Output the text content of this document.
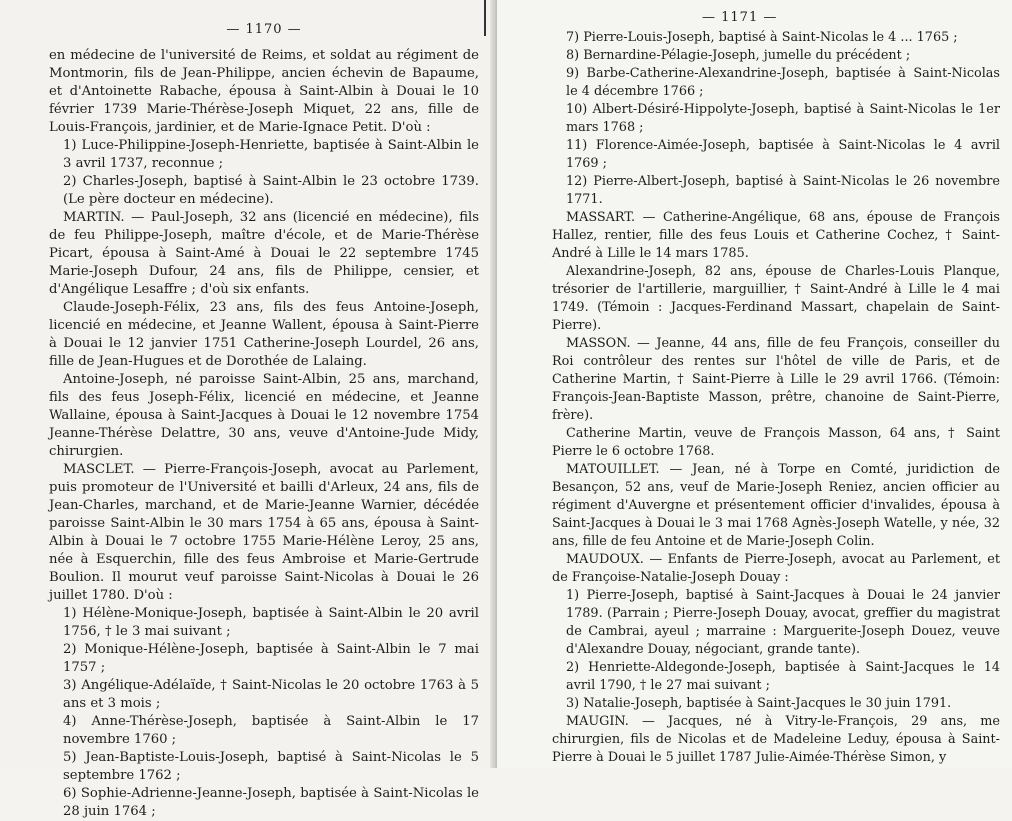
— 1170 —

en médecine de l'université de Reims, et soldat au régiment de Montmorin, fils de Jean-Philippe, ancien échevin de Bapaume, et d'Antoinette Rabache, épousa à Saint-Albin à Douai le 10 février 1739 Marie-Thérèse-Joseph Miquet, 22 ans, fille de Louis-François, jardinier, et de Marie-Ignace Petit. D'où :

1) Luce-Philippine-Joseph-Henriette, baptisée à Saint-Albin le 3 avril 1737, reconnue ;

2) Charles-Joseph, baptisé à Saint-Albin le 23 octobre 1739. (Le père docteur en médecine).

MARTIN. — Paul-Joseph, 32 ans (licencié en médecine), fils de feu Philippe-Joseph, maître d'école, et de Marie-Thérèse Picart, épousa à Saint-Amé à Douai le 22 septembre 1745 Marie-Joseph Dufour, 24 ans, fils de Philippe, censier, et d'Angélique Lesaffre ; d'où six enfants.

Claude-Joseph-Félix, 23 ans, fils des feus Antoine-Joseph, licencié en médecine, et Jeanne Wallent, épousa à Saint-Pierre à Douai le 12 janvier 1751 Catherine-Joseph Lourdel, 26 ans, fille de Jean-Hugues et de Dorothée de Lalaing.

Antoine-Joseph, né paroisse Saint-Albin, 25 ans, marchand, fils des feus Joseph-Félix, licencié en médecine, et Jeanne Wallaine, épousa à Saint-Jacques à Douai le 12 novembre 1754 Jeanne-Thérèse Delattre, 30 ans, veuve d'Antoine-Jude Midy, chirurgien.

MASCLET. — Pierre-François-Joseph, avocat au Parlement, puis promoteur de l'Université et bailli d'Arleux, 24 ans, fils de Jean-Charles, marchand, et de Marie-Jeanne Warnier, décédée paroisse Saint-Albin le 30 mars 1754 à 65 ans, épousa à Saint-Albin à Douai le 7 octobre 1755 Marie-Hélène Leroy, 25 ans, née à Esquerchin, fille des feus Ambroise et Marie-Gertrude Boulion. Il mourut veuf paroisse Saint-Nicolas à Douai le 26 juillet 1780. D'où :

1) Hélène-Monique-Joseph, baptisée à Saint-Albin le 20 avril 1756, † le 3 mai suivant ;

2) Monique-Hélène-Joseph, baptisée à Saint-Albin le 7 mai 1757 ;

3) Angélique-Adélaïde, † Saint-Nicolas le 20 octobre 1763 à 5 ans et 3 mois ;

4) Anne-Thérèse-Joseph, baptisée à Saint-Albin le 17 novembre 1760 ;

5) Jean-Baptiste-Louis-Joseph, baptisé à Saint-Nicolas le 5 septembre 1762 ;

6) Sophie-Adrienne-Jeanne-Joseph, baptisée à Saint-Nicolas le 28 juin 1764 ;

— 1171 —

7) Pierre-Louis-Joseph, baptisé à Saint-Nicolas le 4 ... 1765 ;

8) Bernardine-Pélagie-Joseph, jumelle du précédent ;

9) Barbe-Catherine-Alexandrine-Joseph, baptisée à Saint-Nicolas le 4 décembre 1766 ;

10) Albert-Désiré-Hippolyte-Joseph, baptisé à Saint-Nicolas le 1er mars 1768 ;

11) Florence-Aimée-Joseph, baptisée à Saint-Nicolas le 4 avril 1769 ;

12) Pierre-Albert-Joseph, baptisé à Saint-Nicolas le 26 novembre 1771.

MASSART. — Catherine-Angélique, 68 ans, épouse de François Hallez, rentier, fille des feus Louis et Catherine Cochez, † Saint-André à Lille le 14 mars 1785.

Alexandrine-Joseph, 82 ans, épouse de Charles-Louis Planque, trésorier de l'artillerie, marguillier, † Saint-André à Lille le 4 mai 1749. (Témoin : Jacques-Ferdinand Massart, chapelain de Saint-Pierre).

MASSON. — Jeanne, 44 ans, fille de feu François, conseiller du Roi contrôleur des rentes sur l'hôtel de ville de Paris, et de Catherine Martin, † Saint-Pierre à Lille le 29 avril 1766. (Témoin: François-Jean-Baptiste Masson, prêtre, chanoine de Saint-Pierre, frère).

Catherine Martin, veuve de François Masson, 64 ans, † Saint Pierre le 6 octobre 1768.

MATOUILLET. — Jean, né à Torpe en Comté, juridiction de Besançon, 52 ans, veuf de Marie-Joseph Reniez, ancien officier au régiment d'Auvergne et présentement officier d'invalides, épousa à Saint-Jacques à Douai le 3 mai 1768 Agnès-Joseph Watelle, y née, 32 ans, fille de feu Antoine et de Marie-Joseph Colin.

MAUDOUX. — Enfants de Pierre-Joseph, avocat au Parlement, et de Françoise-Natalie-Joseph Douay :

1) Pierre-Joseph, baptisé à Saint-Jacques à Douai le 24 janvier 1789. (Parrain ; Pierre-Joseph Douay, avocat, greffier du magistrat de Cambrai, ayeul ; marraine : Marguerite-Joseph Douez, veuve d'Alexandre Douay, négociant, grande tante).

2) Henriette-Aldegonde-Joseph, baptisée à Saint-Jacques le 14 avril 1790, † le 27 mai suivant ;

3) Natalie-Joseph, baptisée à Saint-Jacques le 30 juin 1791.

MAUGIN. — Jacques, né à Vitry-le-François, 29 ans, me chirurgien, fils de Nicolas et de Madeleine Leduy, épousa à Saint-Pierre à Douai le 5 juillet 1787 Julie-Aimée-Thérèse Simon, y
